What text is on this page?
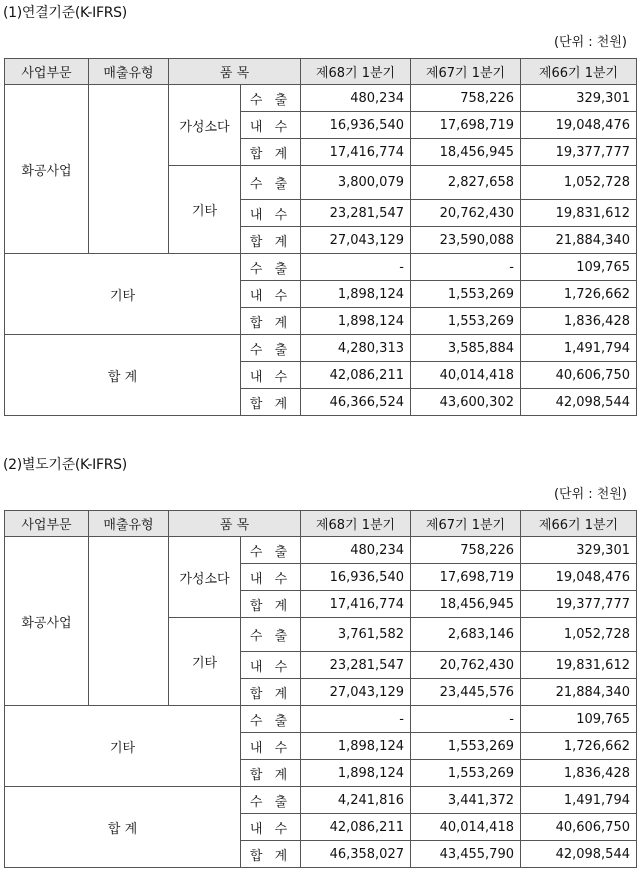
(1)연결기준(K-IFRS)
(단위 : 천원)
사업부문	매출유형	품 목		제68기 1분기	제67기 1분기	제66기 1분기
화공사업		가성소다	수 출	480,234	758,226	329,301
			내 수	16,936,540	17,698,719	19,048,476
			합 계	17,416,774	18,456,945	19,377,777
		기타	수 출	3,800,079	2,827,658	1,052,728
			내 수	23,281,547	20,762,430	19,831,612
			합 계	27,043,129	23,590,088	21,884,340
기타			수 출	-	-	109,765
			내 수	1,898,124	1,553,269	1,726,662
			합 계	1,898,124	1,553,269	1,836,428
합 계			수 출	4,280,313	3,585,884	1,491,794
			내 수	42,086,211	40,014,418	40,606,750
			합 계	46,366,524	43,600,302	42,098,544
(2)별도기준(K-IFRS)
(단위 : 천원)
사업부문	매출유형	품 목		제68기 1분기	제67기 1분기	제66기 1분기
화공사업		가성소다	수 출	480,234	758,226	329,301
			내 수	16,936,540	17,698,719	19,048,476
			합 계	17,416,774	18,456,945	19,377,777
		기타	수 출	3,761,582	2,683,146	1,052,728
			내 수	23,281,547	20,762,430	19,831,612
			합 계	27,043,129	23,445,576	21,884,340
기타			수 출	-	-	109,765
			내 수	1,898,124	1,553,269	1,726,662
			합 계	1,898,124	1,553,269	1,836,428
합 계			수 출	4,241,816	3,441,372	1,491,794
			내 수	42,086,211	40,014,418	40,606,750
			합 계	46,358,027	43,455,790	42,098,544
